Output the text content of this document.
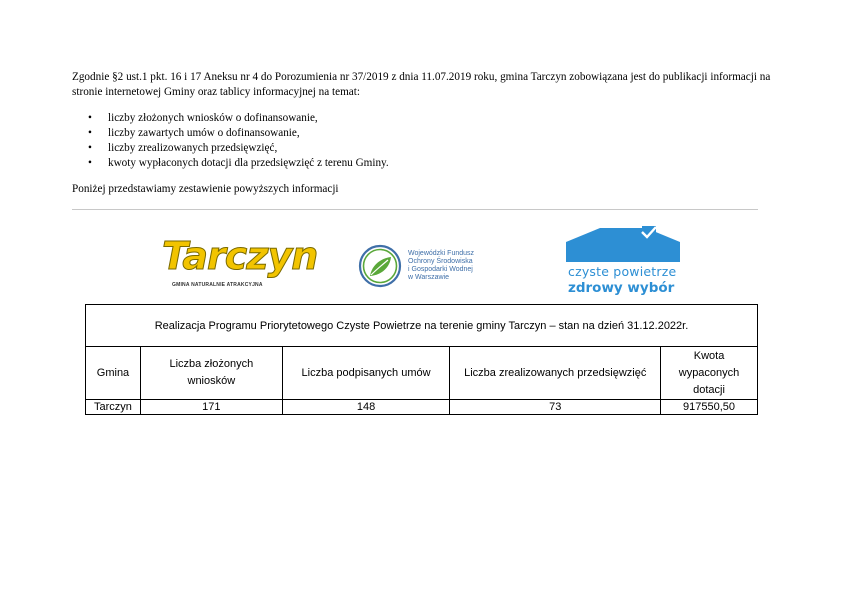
Zgodnie §2 ust.1 pkt. 16 i 17 Aneksu nr 4 do Porozumienia nr 37/2019 z dnia 11.07.2019 roku, gmina Tarczyn zobowiązana jest do publikacji informacji na stronie internetowej Gminy oraz tablicy informacyjnej na temat:

• liczby złożonych wniosków o dofinansowanie,
• liczby zawartych umów o dofinansowanie,
• liczby zrealizowanych przedsięwzięć,
• kwoty wypłaconych dotacji dla przedsięwzięć z terenu Gminy.

Poniżej przedstawiamy zestawienie powyższych informacji

Tarczyn
GMINA NATURALNIE ATRAKCYJNA
Wojewódzki Fundusz
Ochrony Środowiska
i Gospodarki Wodnej
w Warszawie	czyste powietrze
zdrowy wybór
Realizacja Programu Priorytetowego Czyste Powietrze na terenie gminy Tarczyn – stan na dzień 31.12.2022r.				
Gmina	Liczba złożonych wniosków	Liczba podpisanych umów	Liczba zrealizowanych przedsięwzięć	Kwota wypaconych dotacji
Tarczyn	171	148	73	917550,50
